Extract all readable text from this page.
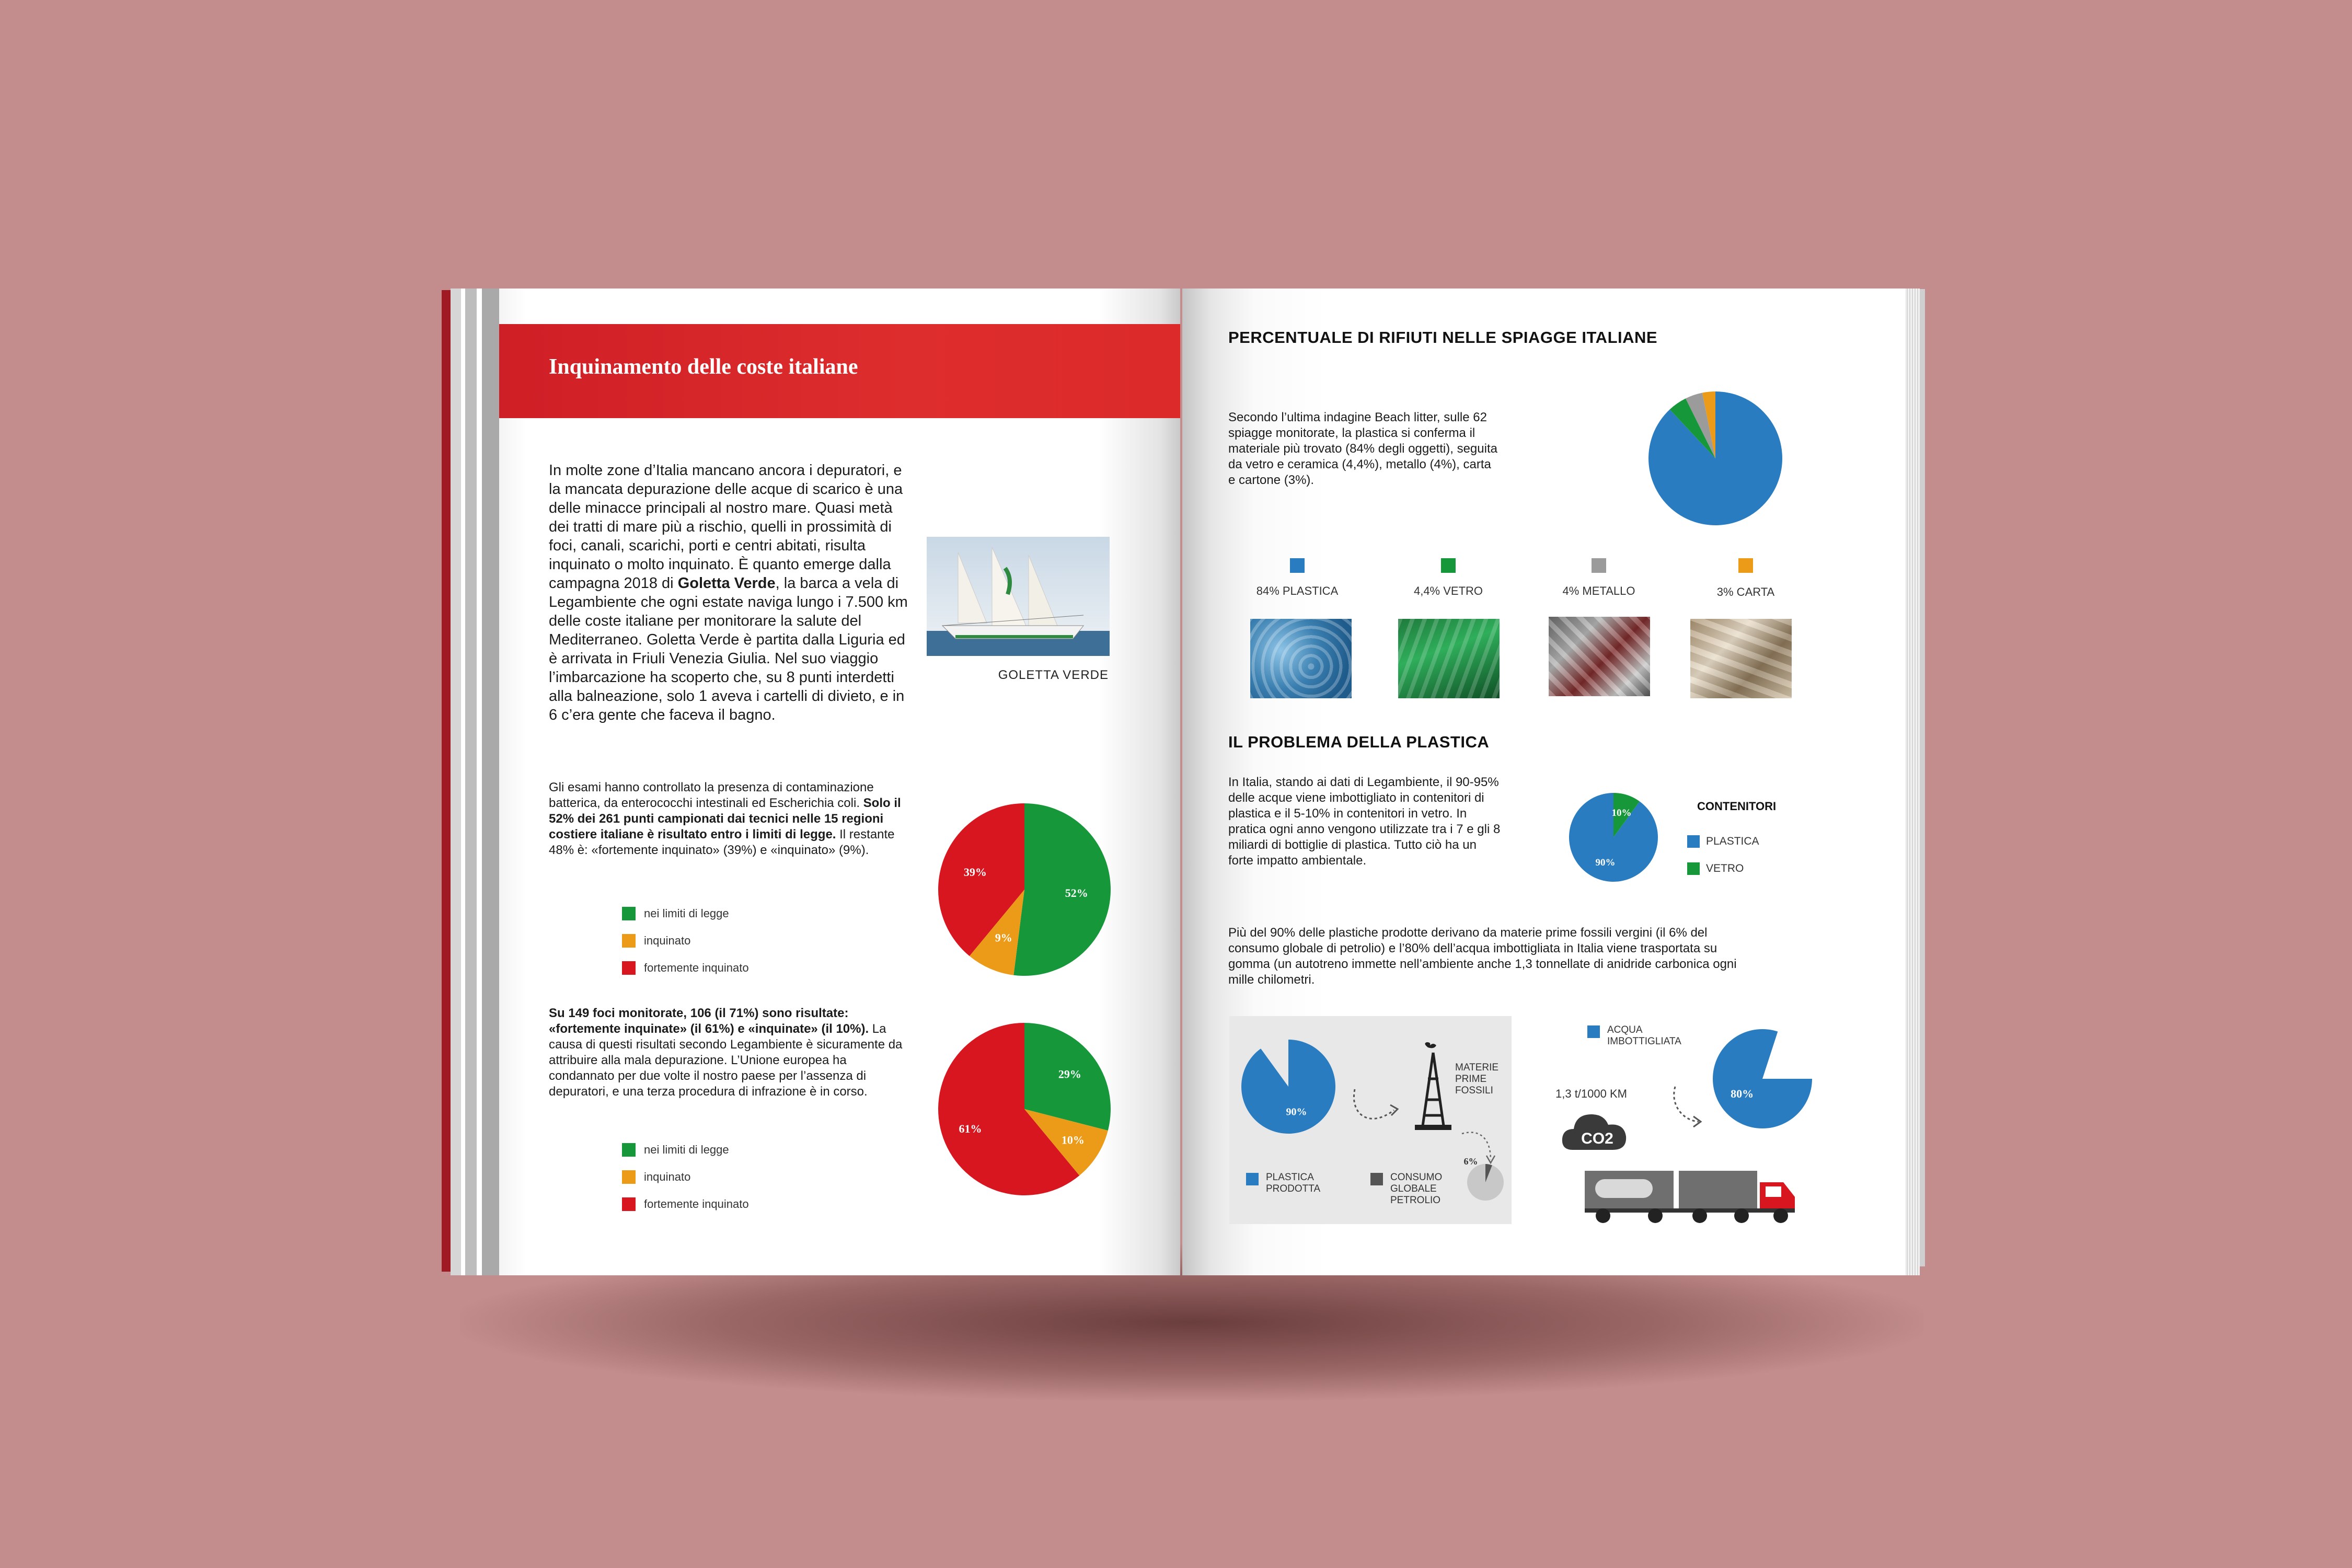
Inquinamento delle coste italiane
In molte zone d’Italia mancano ancora i depuratori, e la mancata depurazione delle acque di scarico è una delle minacce principali al nostro mare. Quasi metà dei tratti di mare più a rischio, quelli in prossimità di foci, canali, scarichi, porti e centri abitati, risulta inquinato o molto inquinato. È quanto emerge dalla campagna 2018 di Goletta Verde, la barca a vela di Legambiente che ogni estate naviga lungo i 7.500 km delle coste italiane per monitorare la salute del Mediterraneo. Goletta Verde è partita dalla Liguria ed è arrivata in Friuli Venezia Giulia. Nel suo viaggio l’imbarcazione ha scoperto che, su 8 punti interdetti alla balneazione, solo 1 aveva i cartelli di divieto, e in 6 c’era gente che faceva il bagno.
GOLETTA VERDE
Gli esami hanno controllato la presenza di contaminazione batterica, da enterococchi intestinali ed Escherichia coli. Solo il 52% dei 261 punti campionati dai tecnici nelle 15 regioni costiere italiane è risultato entro i limiti di legge. Il restante 48% è: «fortemente inquinato» (39%) e «inquinato» (9%).
52%
9%
39%
nei limiti di legge
inquinato
fortemente inquinato
Su 149 foci monitorate, 106 (il 71%) sono risultate: «fortemente inquinate» (il 61%) e «inquinate» (il 10%). La causa di questi risultati secondo Legambiente è sicuramente da attribuire alla mala depurazione. L’Unione europea ha condannato per due volte il nostro paese per l’assenza di depuratori, e una terza procedura di infrazione è in corso.
29%
10%
61%
nei limiti di legge
inquinato
fortemente inquinato
PERCENTUALE DI RIFIUTI NELLE SPIAGGE ITALIANE
Secondo l’ultima indagine Beach litter, sulle 62 spiagge monitorate, la plastica si conferma il materiale più trovato (84% degli oggetti), seguita da vetro e ceramica (4,4%), metallo (4%), carta e cartone (3%).
84% PLASTICA	4,4% VETRO	4% METALLO	3% CARTA
IL PROBLEMA DELLA PLASTICA
In Italia, stando ai dati di Legambiente, il 90-95% delle acque viene imbottigliato in contenitori di plastica e il 5-10% in contenitori in vetro. In pratica ogni anno vengono utilizzate tra i 7 e gli 8 miliardi di bottiglie di plastica. Tutto ciò ha un forte impatto ambientale.	90%
10%
CONTENITORI
PLASTICA
VETRO
Più del 90% delle plastiche prodotte derivano da materie prime fossili vergini (il 6% del consumo globale di petrolio) e l’80% dell’acqua imbottigliata in Italia viene trasportata su gomma (un autotreno immette nell’ambiente anche 1,3 tonnellate di anidride carbonica ogni mille chilometri.
90%
MATERIE PRIME FOSSILI
6%
PLASTICA PRODOTTA
CONSUMO GLOBALE PETROLIO
ACQUA IMBOTTIGLIATA
80%
1,3 t/1000 KM
CO2
